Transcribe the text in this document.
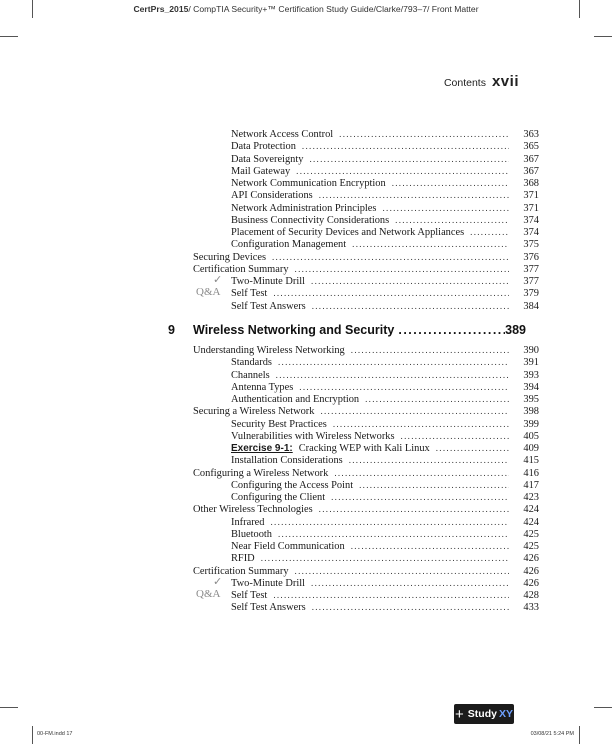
CertPrs_2015/ CompTIA Security+™ Certification Study Guide/Clarke/793–7/ Front Matter
Contents xvii
Network Access Control .....	363
Data Protection .....	365
Data Sovereignty .....	367
Mail Gateway .....	367
Network Communication Encryption .....	368
API Considerations .....	371
Network Administration Principles .....	371
Business Connectivity Considerations .....	374
Placement of Security Devices and Network Appliances .....	374
Configuration Management .....	375
Securing Devices .....	376
Certification Summary .....	377
Two-Minute Drill .....	377
Self Test .....	379
Self Test Answers .....	384
Understanding Wireless Networking .....	390
Standards .....	391
Channels .....	393
Antenna Types .....	394
Authentication and Encryption .....	395
Securing a Wireless Network .....	398
Security Best Practices .....	399
Vulnerabilities with Wireless Networks .....	405
Exercise 9-1: Cracking WEP with Kali Linux .....	409
Installation Considerations .....	415
Configuring a Wireless Network .....	416
Configuring the Access Point .....	417
Configuring the Client .....	423
Other Wireless Technologies .....	424
Infrared .....	424
Bluetooth .....	425
Near Field Communication .....	425
RFID .....	426
Certification Summary .....	426
Two-Minute Drill .....	426
Self Test .....	428
Self Test Answers .....	433
✓
Q&A
✓
Q&A
9 Wireless Networking and Security .....	389
+ Study XY
00-FM.indd 17	03/08/21 5:24 PM
